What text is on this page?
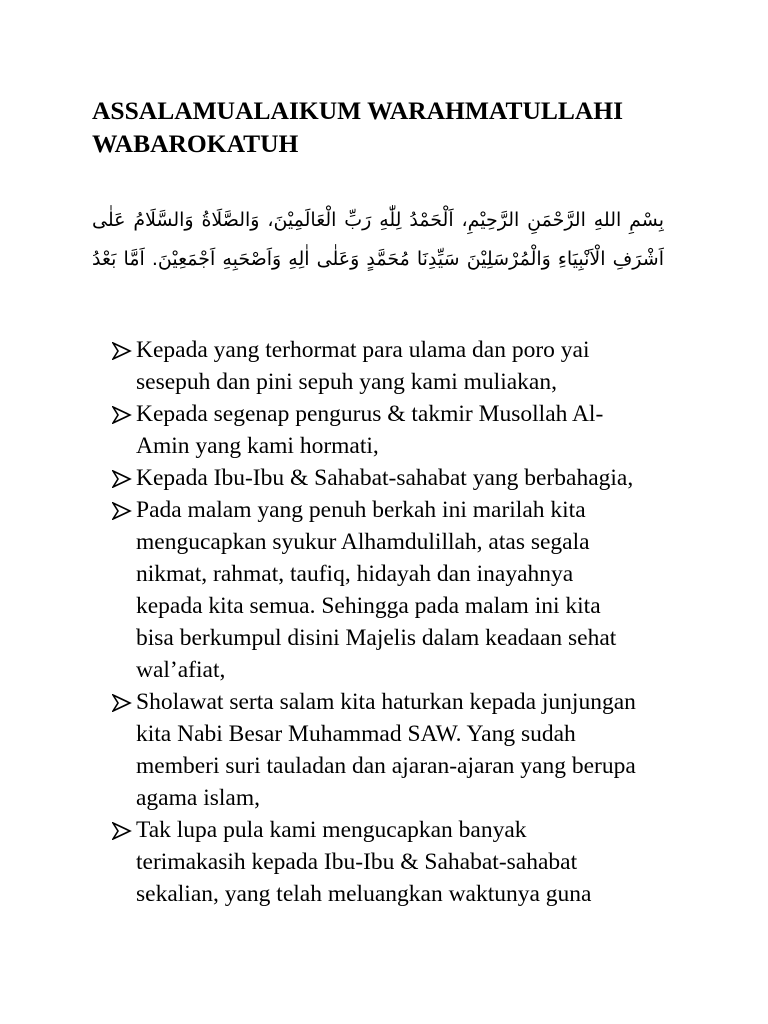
ASSALAMUALAIKUM WARAHMATULLAHI
WABAROKATUH

بِسْمِ اللهِ الرَّحْمَنِ الرَّحِيْمِ، اَلْحَمْدُ لِلّٰهِ رَبِّ الْعَالَمِيْنَ، وَالصَّلَاةُ وَالسَّلَامُ عَلٰى
اَشْرَفِ الْاَنْبِيَاءِ وَالْمُرْسَلِيْنَ سَيِّدِنَا مُحَمَّدٍ وَعَلٰى اٰلِهِ وَاَصْحَبِهِ اَجْمَعِيْنَ. اَمَّا بَعْدُ

Kepada yang terhormat para ulama dan poro yai
sesepuh dan pini sepuh yang kami muliakan,
Kepada segenap pengurus & takmir Musollah Al-
Amin yang kami hormati,
Kepada Ibu-Ibu & Sahabat-sahabat yang berbahagia,
Pada malam yang penuh berkah ini marilah kita
mengucapkan syukur Alhamdulillah, atas segala
nikmat, rahmat, taufiq, hidayah dan inayahnya
kepada kita semua. Sehingga pada malam ini kita
bisa berkumpul disini Majelis dalam keadaan sehat
wal’afiat,
Sholawat serta salam kita haturkan kepada junjungan
kita Nabi Besar Muhammad SAW. Yang sudah
memberi suri tauladan dan ajaran-ajaran yang berupa
agama islam,
Tak lupa pula kami mengucapkan banyak
terimakasih kepada Ibu-Ibu & Sahabat-sahabat
sekalian, yang telah meluangkan waktunya guna
